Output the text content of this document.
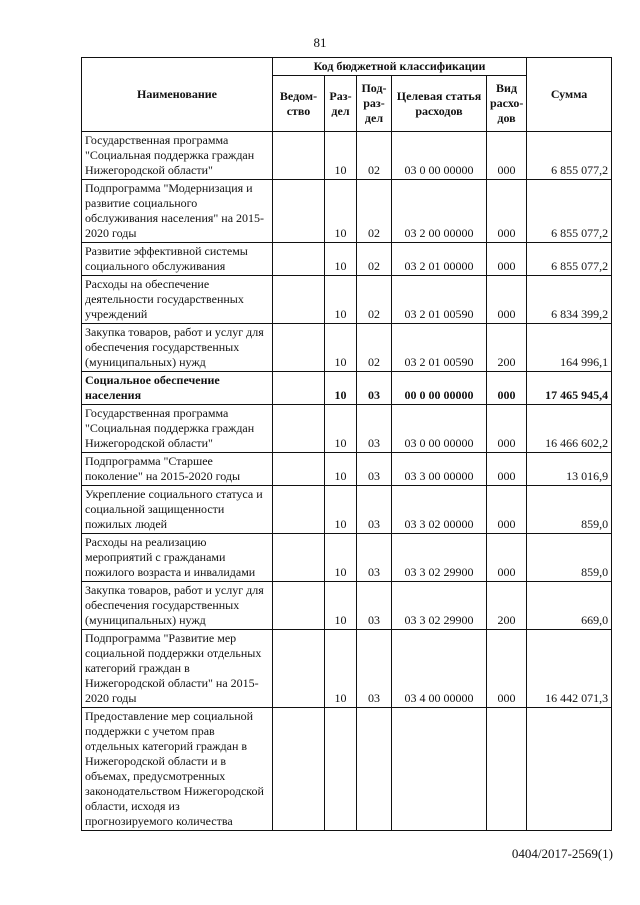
81
Наименование	Код бюджетной классификации					Сумма
	Ведом-ство	Раз-дел	Под-раз-дел	Целевая статья расходов	Вид расхо-дов	
Государственная программа "Социальная поддержка граждан Нижегородской области"		10	02	03 0 00 00000	000	6 855 077,2
Подпрограмма "Модернизация и развитие социального обслуживания населения" на 2015-2020 годы		10	02	03 2 00 00000	000	6 855 077,2
Развитие эффективной системы социального обслуживания		10	02	03 2 01 00000	000	6 855 077,2
Расходы на обеспечение деятельности государственных учреждений		10	02	03 2 01 00590	000	6 834 399,2
Закупка товаров, работ и услуг для обеспечения государственных (муниципальных) нужд		10	02	03 2 01 00590	200	164 996,1
Социальное обеспечение населения		10	03	00 0 00 00000	000	17 465 945,4
Государственная программа "Социальная поддержка граждан Нижегородской области"		10	03	03 0 00 00000	000	16 466 602,2
Подпрограмма "Старшее поколение" на 2015-2020 годы		10	03	03 3 00 00000	000	13 016,9
Укрепление социального статуса и социальной защищенности пожилых людей		10	03	03 3 02 00000	000	859,0
Расходы на реализацию мероприятий с гражданами пожилого возраста и инвалидами		10	03	03 3 02 29900	000	859,0
Закупка товаров, работ и услуг для обеспечения государственных (муниципальных) нужд		10	03	03 3 02 29900	200	669,0
Подпрограмма "Развитие мер социальной поддержки отдельных категорий граждан в Нижегородской области" на 2015-2020 годы		10	03	03 4 00 00000	000	16 442 071,3
Предоставление мер социальной поддержки с учетом прав отдельных категорий граждан в Нижегородской области и в объемах, предусмотренных законодательством Нижегородской области, исходя из прогнозируемого количества						
0404/2017-2569(1)
